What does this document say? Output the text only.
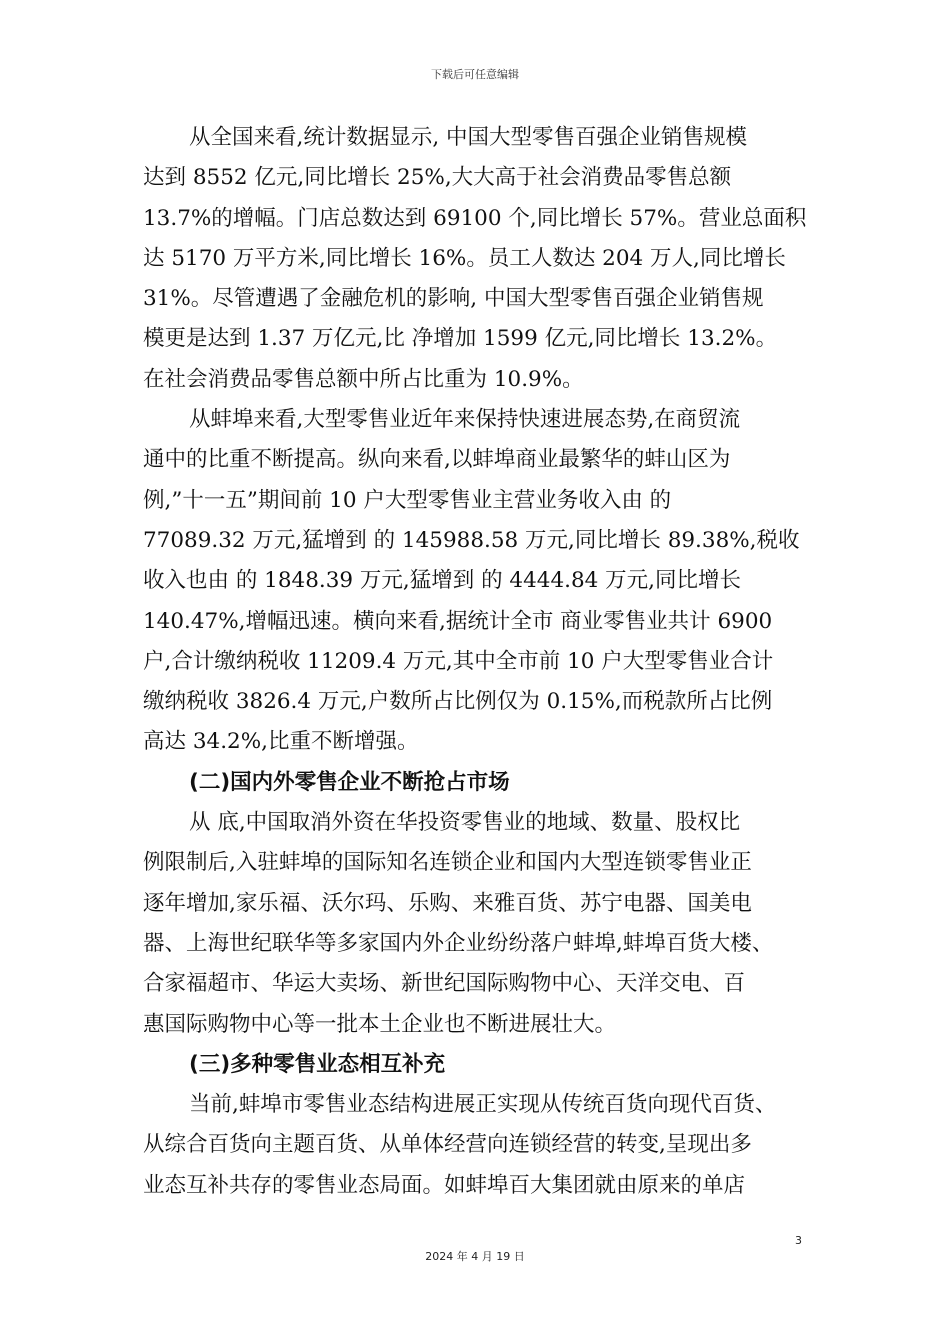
下载后可任意编辑

从全国来看,统计数据显示, 中国大型零售百强企业销售规模
达到 8552 亿元,同比增长 25%,大大高于社会消费品零售总额
13.7%的增幅。门店总数达到 69100 个,同比增长 57%。营业总面积
达 5170 万平方米,同比增长 16%。员工人数达 204 万人,同比增长
31%。尽管遭遇了金融危机的影响, 中国大型零售百强企业销售规
模更是达到 1.37 万亿元,比 净增加 1599 亿元,同比增长 13.2%。
在社会消费品零售总额中所占比重为 10.9%。

从蚌埠来看,大型零售业近年来保持快速进展态势,在商贸流
通中的比重不断提高。纵向来看,以蚌埠商业最繁华的蚌山区为
例,”十一五”期间前 10 户大型零售业主营业务收入由 的
77089.32 万元,猛增到 的 145988.58 万元,同比增长 89.38%,税收
收入也由 的 1848.39 万元,猛增到 的 4444.84 万元,同比增长
140.47%,增幅迅速。横向来看,据统计全市 商业零售业共计 6900
户,合计缴纳税收 11209.4 万元,其中全市前 10 户大型零售业合计
缴纳税收 3826.4 万元,户数所占比例仅为 0.15%,而税款所占比例
高达 34.2%,比重不断增强。

(二)国内外零售企业不断抢占市场

从 底,中国取消外资在华投资零售业的地域、数量、股权比
例限制后,入驻蚌埠的国际知名连锁企业和国内大型连锁零售业正
逐年增加,家乐福、沃尔玛、乐购、来雅百货、苏宁电器、国美电
器、上海世纪联华等多家国内外企业纷纷落户蚌埠,蚌埠百货大楼、
合家福超市、华运大卖场、新世纪国际购物中心、天洋交电、百
惠国际购物中心等一批本土企业也不断进展壮大。

(三)多种零售业态相互补充

当前,蚌埠市零售业态结构进展正实现从传统百货向现代百货、
从综合百货向主题百货、从单体经营向连锁经营的转变,呈现出多
业态互补共存的零售业态局面。如蚌埠百大集团就由原来的单店

3
2024 年 4 月 19 日
